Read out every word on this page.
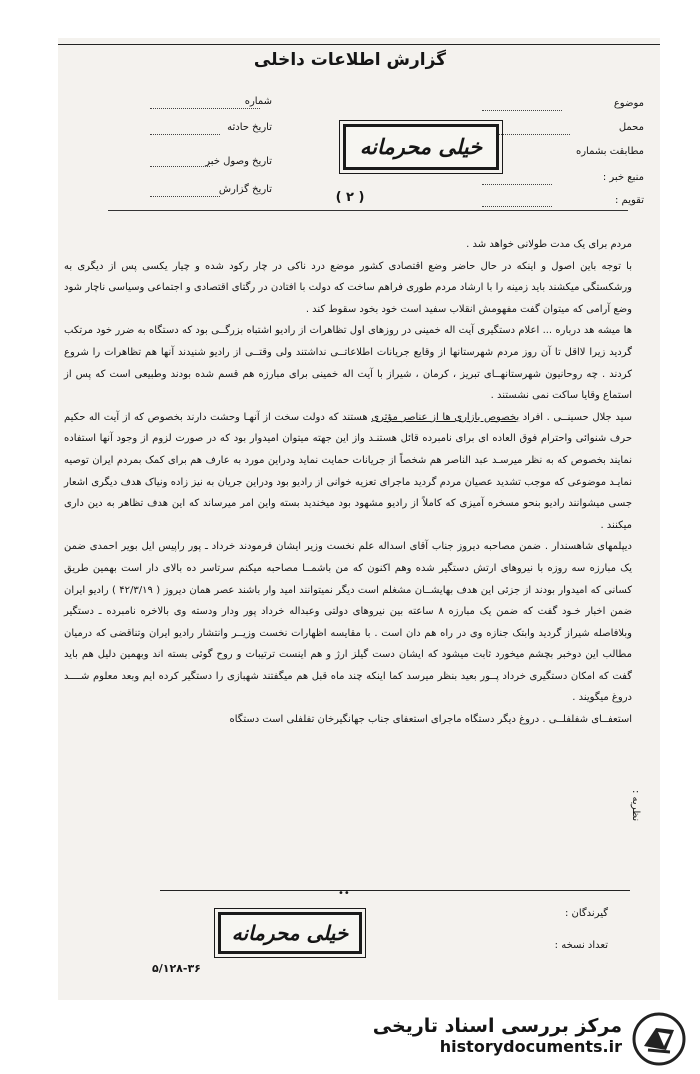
گزارش اطلاعات داخلی
موضوع
محمل
مطابقت بشماره
منبع خبر :
تقویم :
شماره
تاریخ حادثه
تاریخ وصول خبر
تاریخ گزارش
خیلی محرمانه
( ۲ )

مردم برای یک مدت طولانی خواهد شد .

با توجه باین اصول و اینکه در حال حاضر وضع اقتصادی کشور موضع درد ناکی در چار رکود شده و چیار یکسی پس از دیگری به ورشکستگی میکشند باید زمینه را با ارشاد مردم طوری فراهم ساخت که دولت با افتادن در رگتای اقتصادی و اجتماعی وسیاسی ناچار شود وضع آرامی که میتوان گفت مفهومش انقلاب سفید است خود بخود سقوط کند .

ها میشه هد درباره ... اعلام دستگیری آیت اله خمینی در روزهای اول تظاهرات از رادیو اشتباه بزرگــی بود که دستگاه به ضرر خود مرتکب گردید زیرا لااقل تا آن روز مردم شهرستانها از وقایع جریانات اطلاعاتــی نداشتند ولی وقتــی از رادیو شنیدند آنها هم تظاهرات را شروع کردند . چه روحانیون شهرستانهــای تبریز ، کرمان ، شیراز با آیت اله خمینی برای مبارزه هم قسم شده بودند وطبیعی است که پس از استماع وقایا ساکت نمی نشستند .

سید جلال حسینــی . افراد بخصوص بازاری ها از عناصر مؤثری هستند که دولت سخت از آنهـا وحشت دارند بخصوص که از آیت اله حکیم حرف شنوائی واحترام فوق العاده ای برای نامبرده قائل هستنـد واز این جهته میتوان امیدوار بود که در صورت لزوم از وجود آنها استفاده نمایند بخصوص که به نظر میرسـد عبد الناصر هم شخصاً از جریانات حمایت نماید ودراین مورد به عارف هم برای کمک بمردم ایران توصیه نمایـد موضوعی که موجب تشدید عصیان مردم گردید ماجرای تعزیه خوانی از رادیو بود ودراین جریان به نیز زاده ونیاک هدف دیگری اشعار جسی میشوانند رادیو بنحو مسخره آمیزی که کاملاً از رادیو مشهود بود میخندید بسته واین امر میرساند که این هدف تظاهر به دین داری میکنند .

دیپلمهای شاهسندار . ضمن مصاحبه دیروز جناب آقای اسداله علم نخست وزیر ایشان فرمودند خرداد ـ پور راپیس ایل بویر احمدی ضمن یک مبارزه سه روزه با نیروهای ارتش دستگیر شده وهم اکنون که من باشمــا مصاحبه میکنم سرتاسر ده بالای دار است بهمین طریق کسانی که امیدوار بودند از جزئی این هدف بهایشــان مشغلم است دیگر نمیتوانند امید وار باشند عصر همان دیروز ( ۴۲/۳/۱۹ ) رادیو ایران ضمن اخبار خـود گفت که ضمن یک مبارزه ۸ ساعته بین نیروهای دولتی وعبداله خرداد پور ودار ودسته وی بالاخره نامبرده ـ دستگیر وبلافاصله شیراز گردید وابتک جنازه وی در راه هم دان است . با مقایسه اظهارات نخست وزیــر وانتشار رادیو ایران وتناقضی که درمیان مطالب این دوخبر بچشم میخورد ثابت میشود که ایشان دست گیلز ارژ و هم اینست ترتیبات و روح گوئی بسته اند وبهمین دلیل هم باید گفت که امکان دستگیری خرداد پــور بعید بنظر میرسد کما اینکه چند ماه قبل هم میگفتند شهبازی را دستگیر کرده ایم وبعد معلوم شــــد دروغ میگویند .

استعفــای شفلفلــی . دروغ دیگر دستگاه ماجرای استعفای جناب جهانگیرخان تفلفلی است دستگاه

نظریه :
••
گیرندگان :
تعداد نسخه :
خیلی محرمانه
۵/۱۲۸-۳۶
مرکز بررسی اسناد تاریخی
historydocuments.ir
